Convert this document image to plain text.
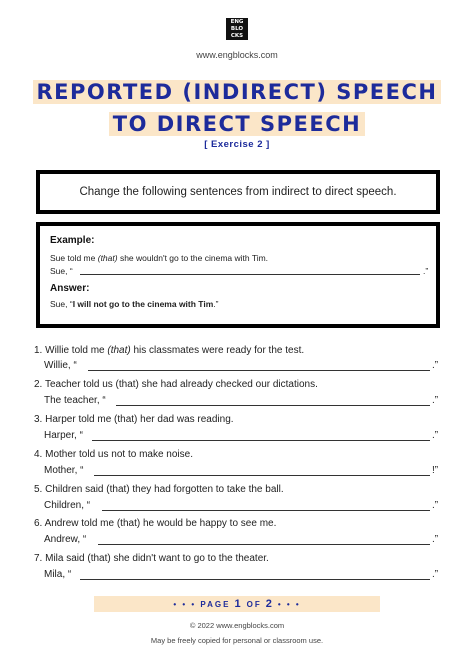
ENG
BLO
CKS
www.engblocks.com
REPORTED (INDIRECT) SPEECH
TO DIRECT SPEECH
[ Exercise 2 ]
Change the following sentences from indirect to direct speech.
Example:
Sue told me (that) she wouldn't go to the cinema with Tim.
Sue, “	.”
Answer:
Sue, “I will not go to the cinema with Tim.”
1. Willie told me (that) his classmates were ready for the test.
Willie, “	.”
2. Teacher told us (that) she had already checked our dictations.
The teacher, “	.”
3. Harper told me (that) her dad was reading.
Harper, “	.”
4. Mother told us not to make noise.
Mother, “	!”
5. Children said (that) they had forgotten to take the ball.
Children, “	.”
6. Andrew told me (that) he would be happy to see me.
Andrew, “	.”
7. Mila said (that) she didn't want to go to the theater.
Mila, “	.”
• • • PAGE 1 OF 2 • • •
© 2022 www.engblocks.com
May be freely copied for personal or classroom use.
